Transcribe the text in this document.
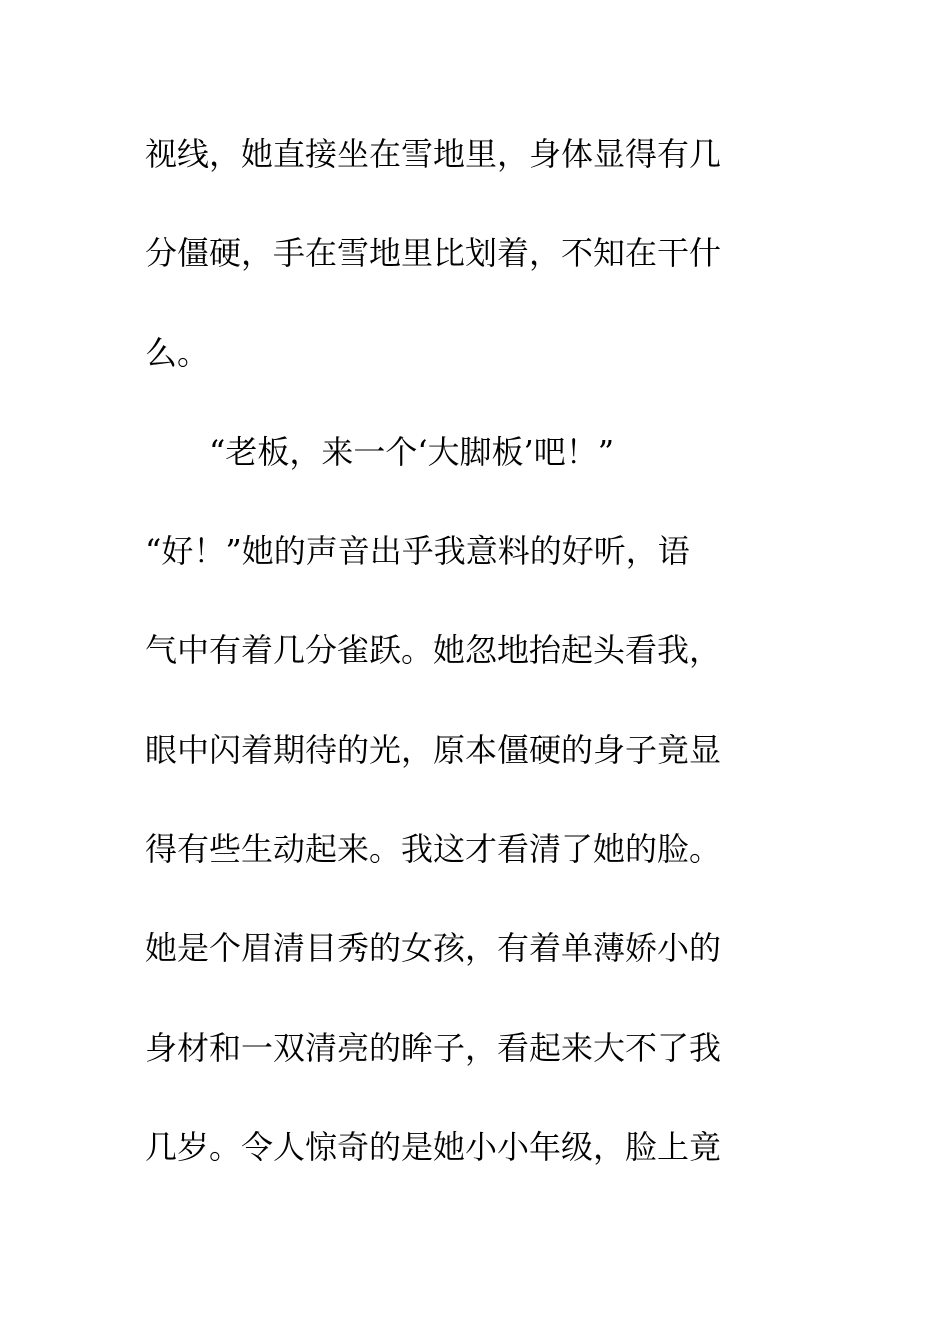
视线，她直接坐在雪地里，身体显得有几
分僵硬，手在雪地里比划着，不知在干什
么。
“老板，来一个‘大脚板’吧！”
“好！”她的声音出乎我意料的好听，语
气中有着几分雀跃。她忽地抬起头看我，
眼中闪着期待的光，原本僵硬的身子竟显
得有些生动起来。我这才看清了她的脸。
她是个眉清目秀的女孩，有着单薄娇小的
身材和一双清亮的眸子，看起来大不了我
几岁。令人惊奇的是她小小年级，脸上竟
